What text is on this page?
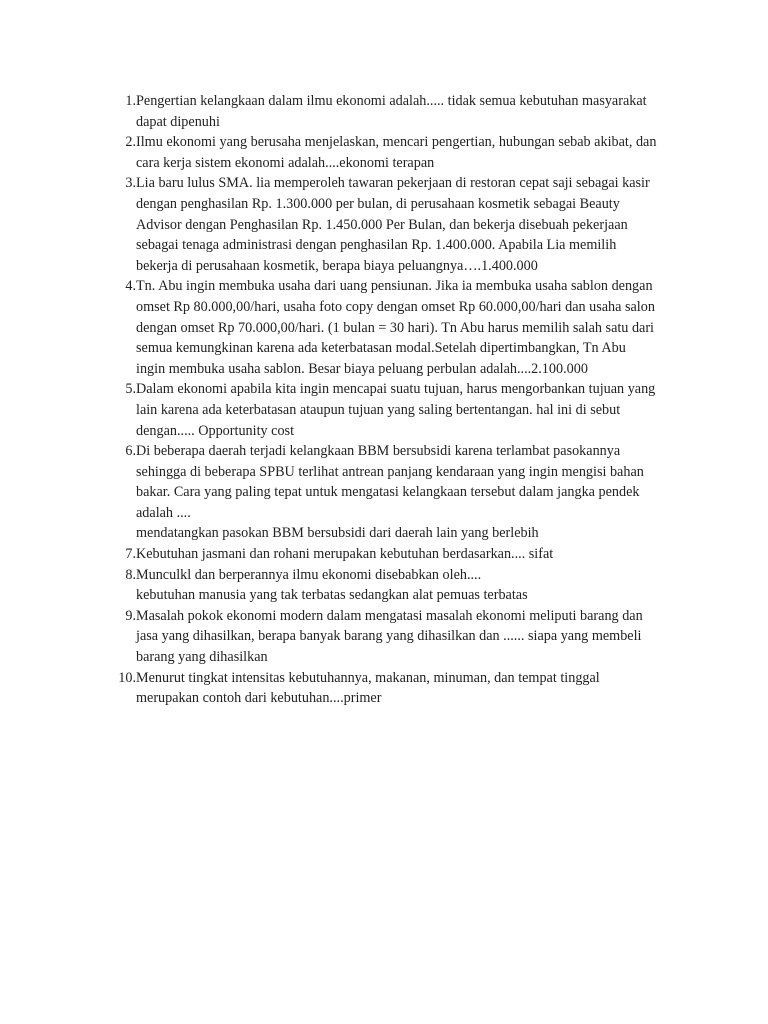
1. Pengertian kelangkaan dalam ilmu ekonomi adalah..... tidak semua kebutuhan masyarakat
dapat dipenuhi
2. Ilmu ekonomi yang berusaha menjelaskan, mencari pengertian, hubungan sebab akibat, dan
cara kerja sistem ekonomi adalah....ekonomi terapan
3. Lia baru lulus SMA. lia memperoleh tawaran pekerjaan di restoran cepat saji sebagai kasir
dengan penghasilan Rp. 1.300.000 per bulan, di perusahaan kosmetik sebagai Beauty
Advisor dengan Penghasilan Rp. 1.450.000 Per Bulan, dan bekerja disebuah pekerjaan
sebagai tenaga administrasi dengan penghasilan Rp. 1.400.000. Apabila Lia memilih
bekerja di perusahaan kosmetik, berapa biaya peluangnya….1.400.000
4. Tn. Abu ingin membuka usaha dari uang pensiunan. Jika ia membuka usaha sablon dengan
omset Rp 80.000,00/hari, usaha foto copy dengan omset Rp 60.000,00/hari dan usaha salon
dengan omset Rp 70.000,00/hari. (1 bulan = 30 hari). Tn Abu harus memilih salah satu dari
semua kemungkinan karena ada keterbatasan modal.Setelah dipertimbangkan, Tn Abu
ingin membuka usaha sablon. Besar biaya peluang perbulan adalah....2.100.000
5. Dalam ekonomi apabila kita ingin mencapai suatu tujuan, harus mengorbankan tujuan yang
lain karena ada keterbatasan ataupun tujuan yang saling bertentangan. hal ini di sebut
dengan..... Opportunity cost
6. Di beberapa daerah terjadi kelangkaan BBM bersubsidi karena terlambat pasokannya
sehingga di beberapa SPBU terlihat antrean panjang kendaraan yang ingin mengisi bahan
bakar. Cara yang paling tepat untuk mengatasi kelangkaan tersebut dalam jangka pendek
adalah ....
mendatangkan pasokan BBM bersubsidi dari daerah lain yang berlebih
7. Kebutuhan jasmani dan rohani merupakan kebutuhan berdasarkan.... sifat
8. Munculkl dan berperannya ilmu ekonomi disebabkan oleh....
kebutuhan manusia yang tak terbatas sedangkan alat pemuas terbatas
9. Masalah pokok ekonomi modern dalam mengatasi masalah ekonomi meliputi barang dan
jasa yang dihasilkan, berapa banyak barang yang dihasilkan dan ...... siapa yang membeli
barang yang dihasilkan
10. Menurut tingkat intensitas kebutuhannya, makanan, minuman, dan tempat tinggal
merupakan contoh dari kebutuhan....primer
